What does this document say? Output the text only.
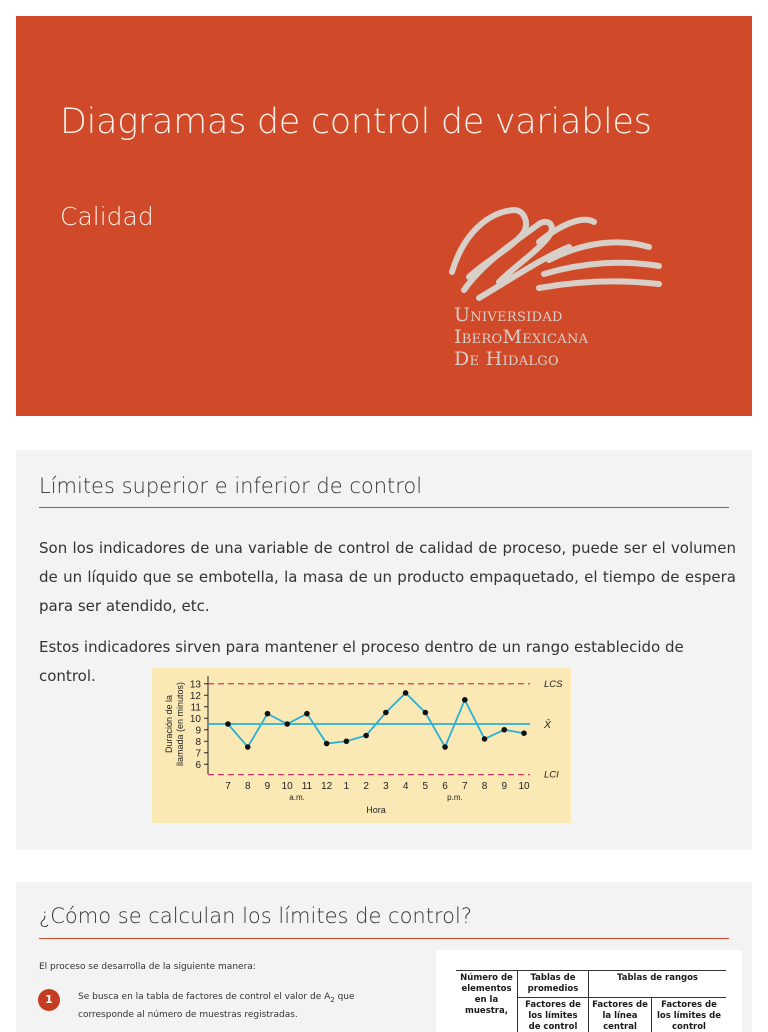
Diagramas de control de variables
Calidad
Universidad
IberoMexicana
De Hidalgo
Límites superior e inferior de control
Son los indicadores de una variable de control de calidad de proceso, puede ser el volumen de un líquido que se embotella, la masa de un producto empaquetado, el tiempo de espera para ser atendido, etc.
Estos indicadores sirven para mantener el proceso dentro de un rango establecido de control.
6
7
8
9
10
11
12
13
Duración de la llamada (en minutos)	LCS
X̄
LCI
7 8 9 10 11 12 1 2 3 4 5 6 7 8 9 10
a.m.	p.m.
Hora
¿Cómo se calculan los límites de control?
El proceso se desarrolla de la siguiente manera:
1	Se busca en la tabla de factores de control el valor de $A_2$ que corresponde al número de muestras registradas.
Número de elementos en la muestra,	Tablas de promedios	Tablas de rangos	
	Factores de los límites de control	Factores de la línea central	Factores de los límites de control
